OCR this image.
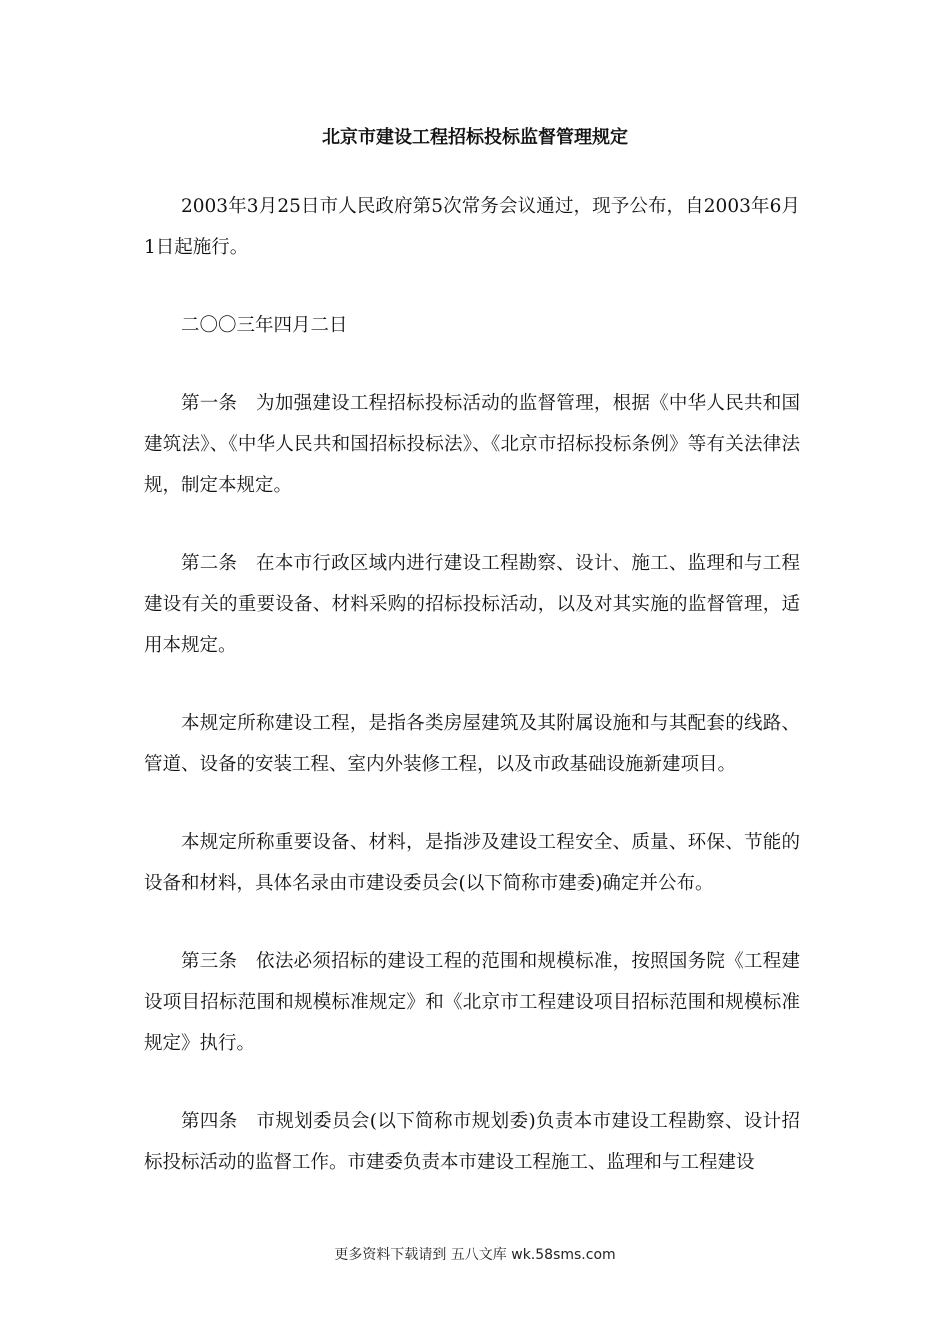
北京市建设工程招标投标监督管理规定

2003年3月25日市人民政府第5次常务会议通过，现予公布，自2003年6月1日起施行。

二〇〇三年四月二日

第一条　为加强建设工程招标投标活动的监督管理，根据《中华人民共和国建筑法》、《中华人民共和国招标投标法》、《北京市招标投标条例》等有关法律法规，制定本规定。

第二条　在本市行政区域内进行建设工程勘察、设计、施工、监理和与工程建设有关的重要设备、材料采购的招标投标活动，以及对其实施的监督管理，适用本规定。

本规定所称建设工程，是指各类房屋建筑及其附属设施和与其配套的线路、管道、设备的安装工程、室内外装修工程，以及市政基础设施新建项目。

本规定所称重要设备、材料，是指涉及建设工程安全、质量、环保、节能的设备和材料，具体名录由市建设委员会(以下简称市建委)确定并公布。

第三条　依法必须招标的建设工程的范围和规模标准，按照国务院《工程建设项目招标范围和规模标准规定》和《北京市工程建设项目招标范围和规模标准规定》执行。

第四条　市规划委员会(以下简称市规划委)负责本市建设工程勘察、设计招标投标活动的监督工作。市建委负责本市建设工程施工、监理和与工程建设

更多资料下载请到 五八文库 wk.58sms.com
